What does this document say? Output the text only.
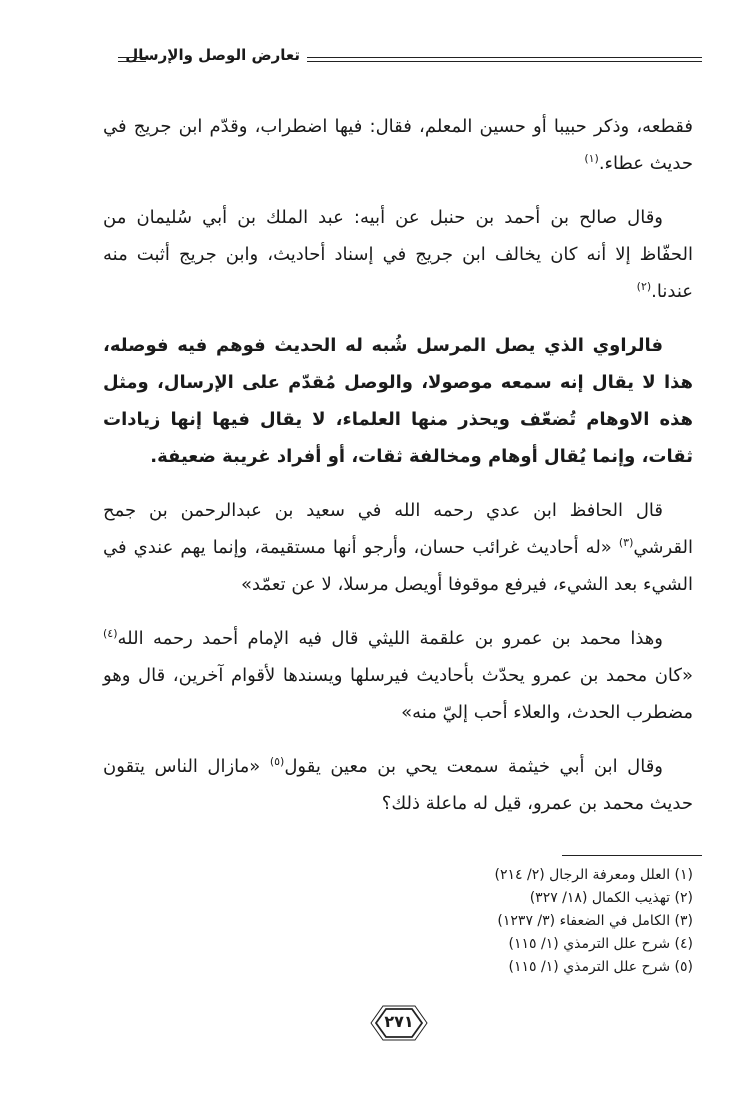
تعارض الوصل والإرسال

فقطعه، وذكر حبيبا أو حسين المعلم، فقال: فيها اضطراب، وقدّم ابن جريج في حديث عطاء.$^{(١)}$

وقال صالح بن أحمد بن حنبل عن أبيه: عبد الملك بن أبي سُليمان من الحفّاظ إلا أنه كان يخالف ابن جريج في إسناد أحاديث، وابن جريج أثبت منه عندنا.$^{(٢)}$

فالراوي الذي يصل المرسل شُبه له الحديث فوهم فيه فوصله، هذا لا يقال إنه سمعه موصولا، والوصل مُقدّم على الإرسال، ومثل هذه الاوهام تُضعّف ويحذر منها العلماء، لا يقال فيها إنها زيادات ثقات، وإنما يُقال أوهام ومخالفة ثقات، أو أفراد غريبة ضعيفة.

قال الحافظ ابن عدي رحمه الله في سعيد بن عبدالرحمن بن جمح القرشي$^{(٣)}$ «له أحاديث غرائب حسان، وأرجو أنها مستقيمة، وإنما يهم عندي في الشيء بعد الشيء، فيرفع موقوفا أويصل مرسلا، لا عن تعمّد»

وهذا محمد بن عمرو بن علقمة الليثي قال فيه الإمام أحمد رحمه الله$^{(٤)}$ «كان محمد بن عمرو يحدّث بأحاديث فيرسلها ويسندها لأقوام آخرين، قال وهو مضطرب الحدث، والعلاء أحب إليّ منه»

وقال ابن أبي خيثمة سمعت يحي بن معين يقول$^{(٥)}$ «مازال الناس يتقون حديث محمد بن عمرو، قيل له ماعلة ذلك؟

(١) العلل ومعرفة الرجال (٢/ ٢١٤)
(٢) تهذيب الكمال (١٨/ ٣٢٧)
(٣) الكامل في الضعفاء (٣/ ١٢٣٧)
(٤) شرح علل الترمذي (١/ ١١٥)
(٥) شرح علل الترمذي (١/ ١١٥)
٢٧١
